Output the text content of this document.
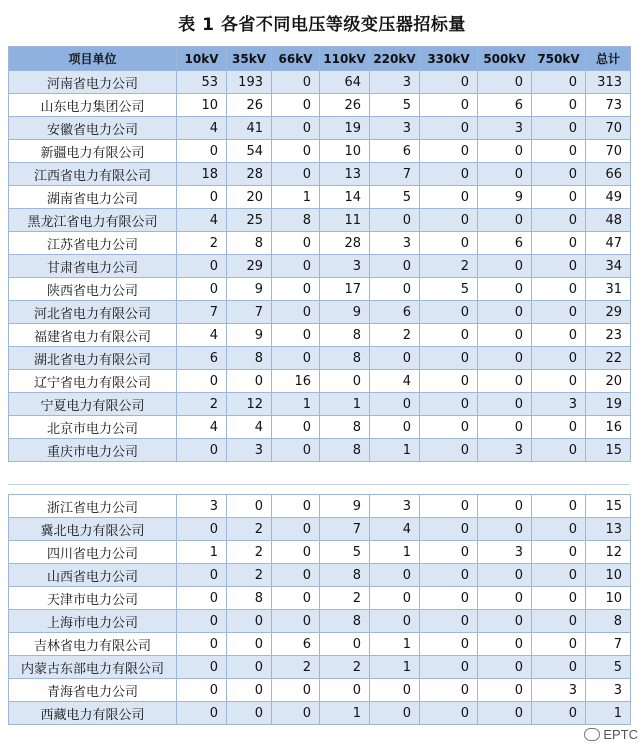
表 1 各省不同电压等级变压器招标量
项目单位	10kV	35kV	66kV	110kV	220kV	330kV	500kV	750kV	总计
河南省电力公司	53	193	0	64	3	0	0	0	313
山东电力集团公司	10	26	0	26	5	0	6	0	73
安徽省电力公司	4	41	0	19	3	0	3	0	70
新疆电力有限公司	0	54	0	10	6	0	0	0	70
江西省电力有限公司	18	28	0	13	7	0	0	0	66
湖南省电力公司	0	20	1	14	5	0	9	0	49
黑龙江省电力有限公司	4	25	8	11	0	0	0	0	48
江苏省电力公司	2	8	0	28	3	0	6	0	47
甘肃省电力公司	0	29	0	3	0	2	0	0	34
陕西省电力公司	0	9	0	17	0	5	0	0	31
河北省电力有限公司	7	7	0	9	6	0	0	0	29
福建省电力有限公司	4	9	0	8	2	0	0	0	23
湖北省电力有限公司	6	8	0	8	0	0	0	0	22
辽宁省电力有限公司	0	0	16	0	4	0	0	0	20
宁夏电力有限公司	2	12	1	1	0	0	0	3	19
北京市电力公司	4	4	0	8	0	0	0	0	16
重庆市电力公司	0	3	0	8	1	0	3	0	15
浙江省电力公司	3	0	0	9	3	0	0	0	15
冀北电力有限公司	0	2	0	7	4	0	0	0	13
四川省电力公司	1	2	0	5	1	0	3	0	12
山西省电力公司	0	2	0	8	0	0	0	0	10
天津市电力公司	0	8	0	2	0	0	0	0	10
上海市电力公司	0	0	0	8	0	0	0	0	8
吉林省电力有限公司	0	0	6	0	1	0	0	0	7
内蒙古东部电力有限公司	0	0	2	2	1	0	0	0	5
青海省电力公司	0	0	0	0	0	0	0	3	3
西藏电力有限公司	0	0	0	1	0	0	0	0	1
EPTC
